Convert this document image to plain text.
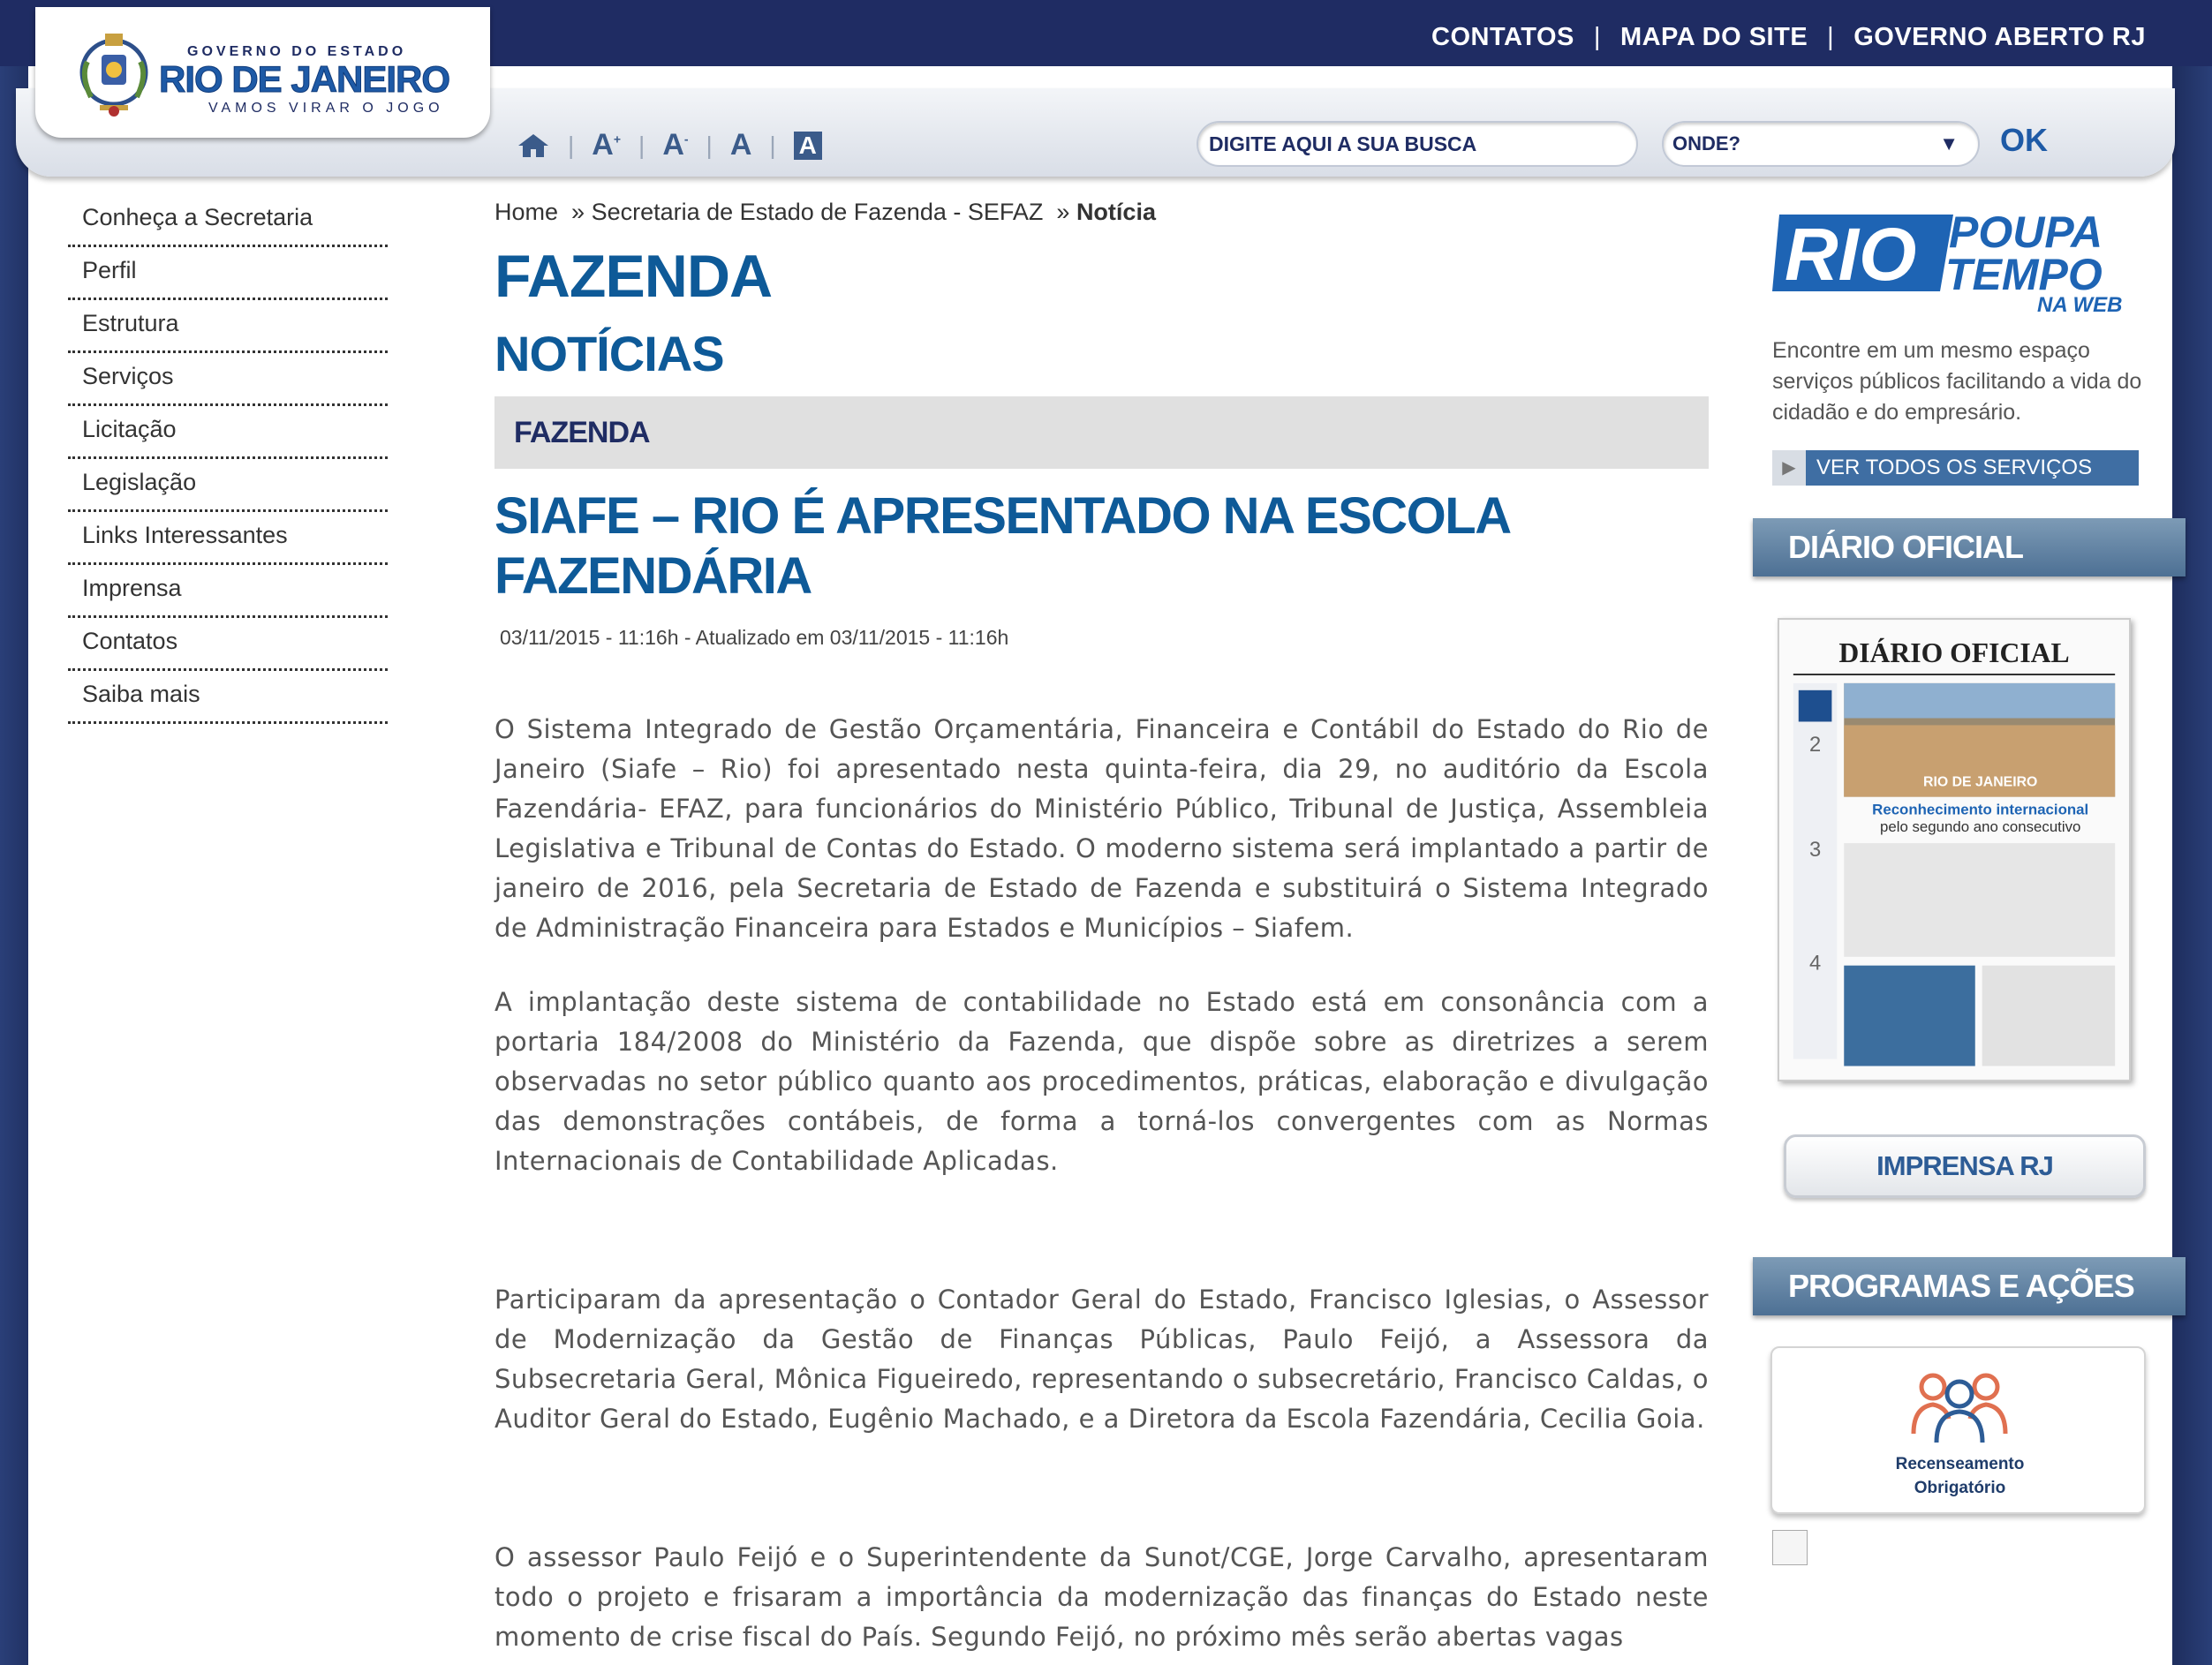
CONTATOS | MAPA DO SITE | GOVERNO ABERTO RJ
GOVERNO DO ESTADO
RIO DE JANEIRO
VAMOS VIRAR O JOGO
| A+ | A- | A | A	DIGITE AQUI A SUA BUSCA	ONDE?	▼ OK
Conheça a Secretaria
Perfil
Estrutura
Serviços
Licitação
Legislação
Links Interessantes
Imprensa
Contatos
Saiba mais
Home » Secretaria de Estado de Fazenda - SEFAZ » Notícia
FAZENDA
NOTÍCIAS
FAZENDA
SIAFE – RIO É APRESENTADO NA ESCOLA FAZENDÁRIA
03/11/2015 - 11:16h - Atualizado em 03/11/2015 - 11:16h

O Sistema Integrado de Gestão Orçamentária, Financeira e Contábil do Estado do Rio de Janeiro (Siafe – Rio) foi apresentado nesta quinta-feira, dia 29, no auditório da Escola Fazendária- EFAZ, para funcionários do Ministério Público, Tribunal de Justiça, Assembleia Legislativa e Tribunal de Contas do Estado. O moderno sistema será implantado a partir de janeiro de 2016, pela Secretaria de Estado de Fazenda e substituirá o Sistema Integrado de Administração Financeira para Estados e Municípios – Siafem.

A implantação deste sistema de contabilidade no Estado está em consonância com a portaria 184/2008 do Ministério da Fazenda, que dispõe sobre as diretrizes a serem observadas no setor público quanto aos procedimentos, práticas, elaboração e divulgação das demonstrações contábeis, de forma a torná-los convergentes com as Normas Internacionais de Contabilidade Aplicadas.

Participaram da apresentação o Contador Geral do Estado, Francisco Iglesias, o Assessor de Modernização da Gestão de Finanças Públicas, Paulo Feijó, a Assessora da Subsecretaria Geral, Mônica Figueiredo, representando o subsecretário, Francisco Caldas, o Auditor Geral do Estado, Eugênio Machado, e a Diretora da Escola Fazendária, Cecilia Goia.

O assessor Paulo Feijó e o Superintendente da Sunot/CGE, Jorge Carvalho, apresentaram todo o projeto e frisaram a importância da modernização das finanças do Estado neste momento de crise fiscal do País. Segundo Feijó, no próximo mês serão abertas vagas

RIO POUPA
TEMPO
NA WEB
Encontre em um mesmo espaço serviços públicos facilitando a vida do cidadão e do empresário.
▶ VER TODOS OS SERVIÇOS
DIÁRIO OFICIAL
DIÁRIO OFICIAL
2
3
4
RIO DE JANEIRO
Reconhecimento internacional
pelo segundo ano consecutivo
IMPRENSA RJ
PROGRAMAS E AÇÕES
Recenseamento
Obrigatório
